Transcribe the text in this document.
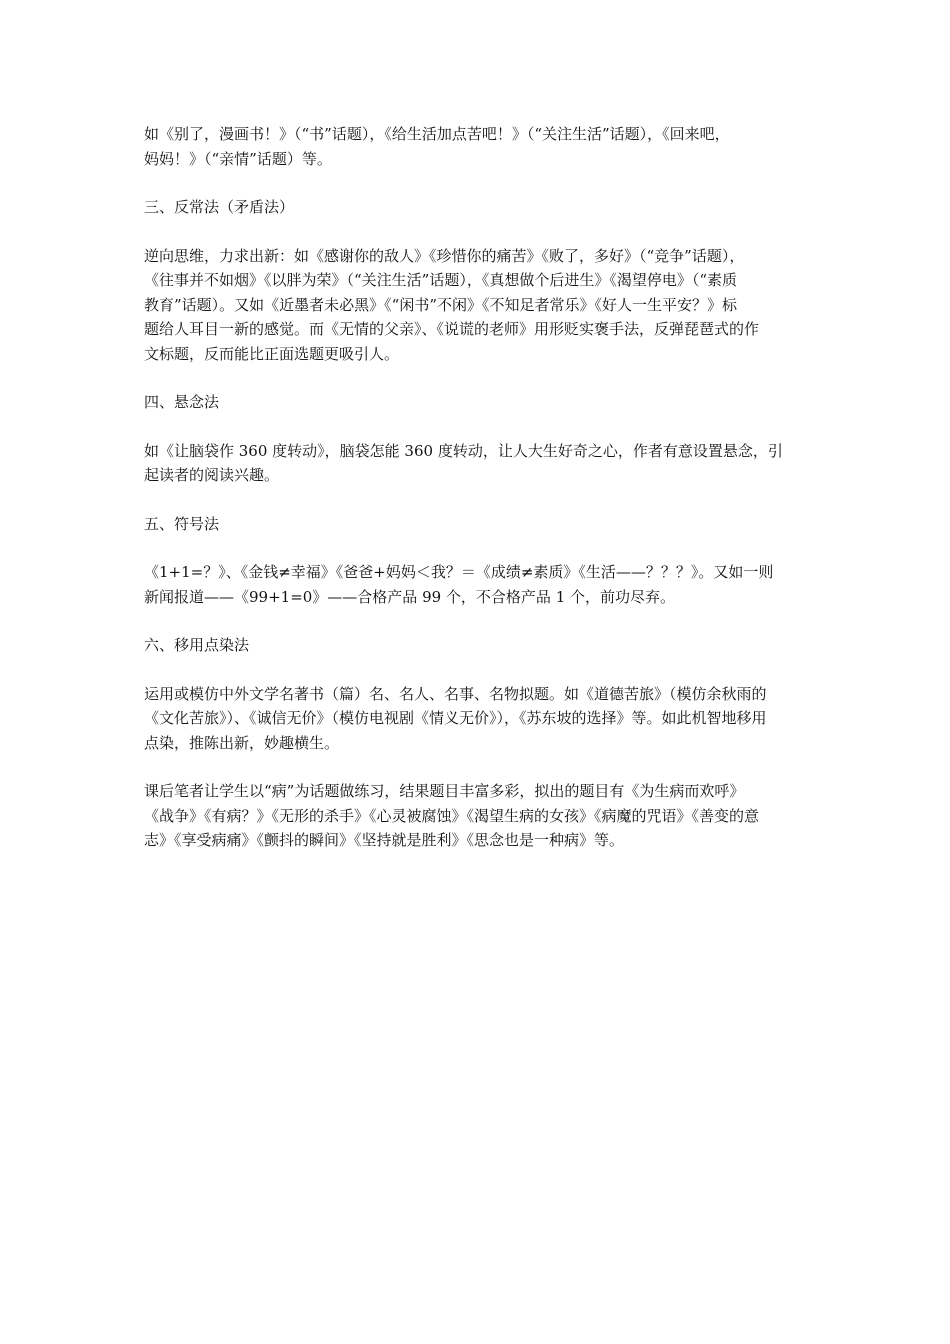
如《别了，漫画书！》（“书”话题），《给生活加点苦吧！》（“关注生活”话题），《回来吧，
妈妈！》（“亲情”话题）等。
三、反常法（矛盾法）
逆向思维，力求出新：如《感谢你的敌人》《珍惜你的痛苦》《败了，多好》（“竞争”话题），
《往事并不如烟》《以胖为荣》（“关注生活”话题），《真想做个后进生》《渴望停电》（“素质
教育”话题）。又如《近墨者未必黑》《“闲书”不闲》《不知足者常乐》《好人一生平安？》标
题给人耳目一新的感觉。而《无情的父亲》、《说谎的老师》用形贬实褒手法，反弹琵琶式的作
文标题，反而能比正面选题更吸引人。
四、悬念法
如《让脑袋作 360 度转动》，脑袋怎能 360 度转动，让人大生好奇之心，作者有意设置悬念，引
起读者的阅读兴趣。
五、符号法
《1+1=？》、《金钱≠幸福》《爸爸+妈妈＜我？＝《成绩≠素质》《生活——？？？》。又如一则
新闻报道——《99+1=0》——合格产品 99 个，不合格产品 1 个，前功尽弃。
六、移用点染法
运用或模仿中外文学名著书（篇）名、名人、名事、名物拟题。如《道德苦旅》（模仿余秋雨的
《文化苦旅》）、《诚信无价》（模仿电视剧《情义无价》），《苏东坡的选择》等。如此机智地移用
点染，推陈出新，妙趣横生。
课后笔者让学生以“病”为话题做练习，结果题目丰富多彩，拟出的题目有《为生病而欢呼》
《战争》《有病？》《无形的杀手》《心灵被腐蚀》《渴望生病的女孩》《病魔的咒语》《善变的意
志》《享受病痛》《颤抖的瞬间》《坚持就是胜利》《思念也是一种病》等。
